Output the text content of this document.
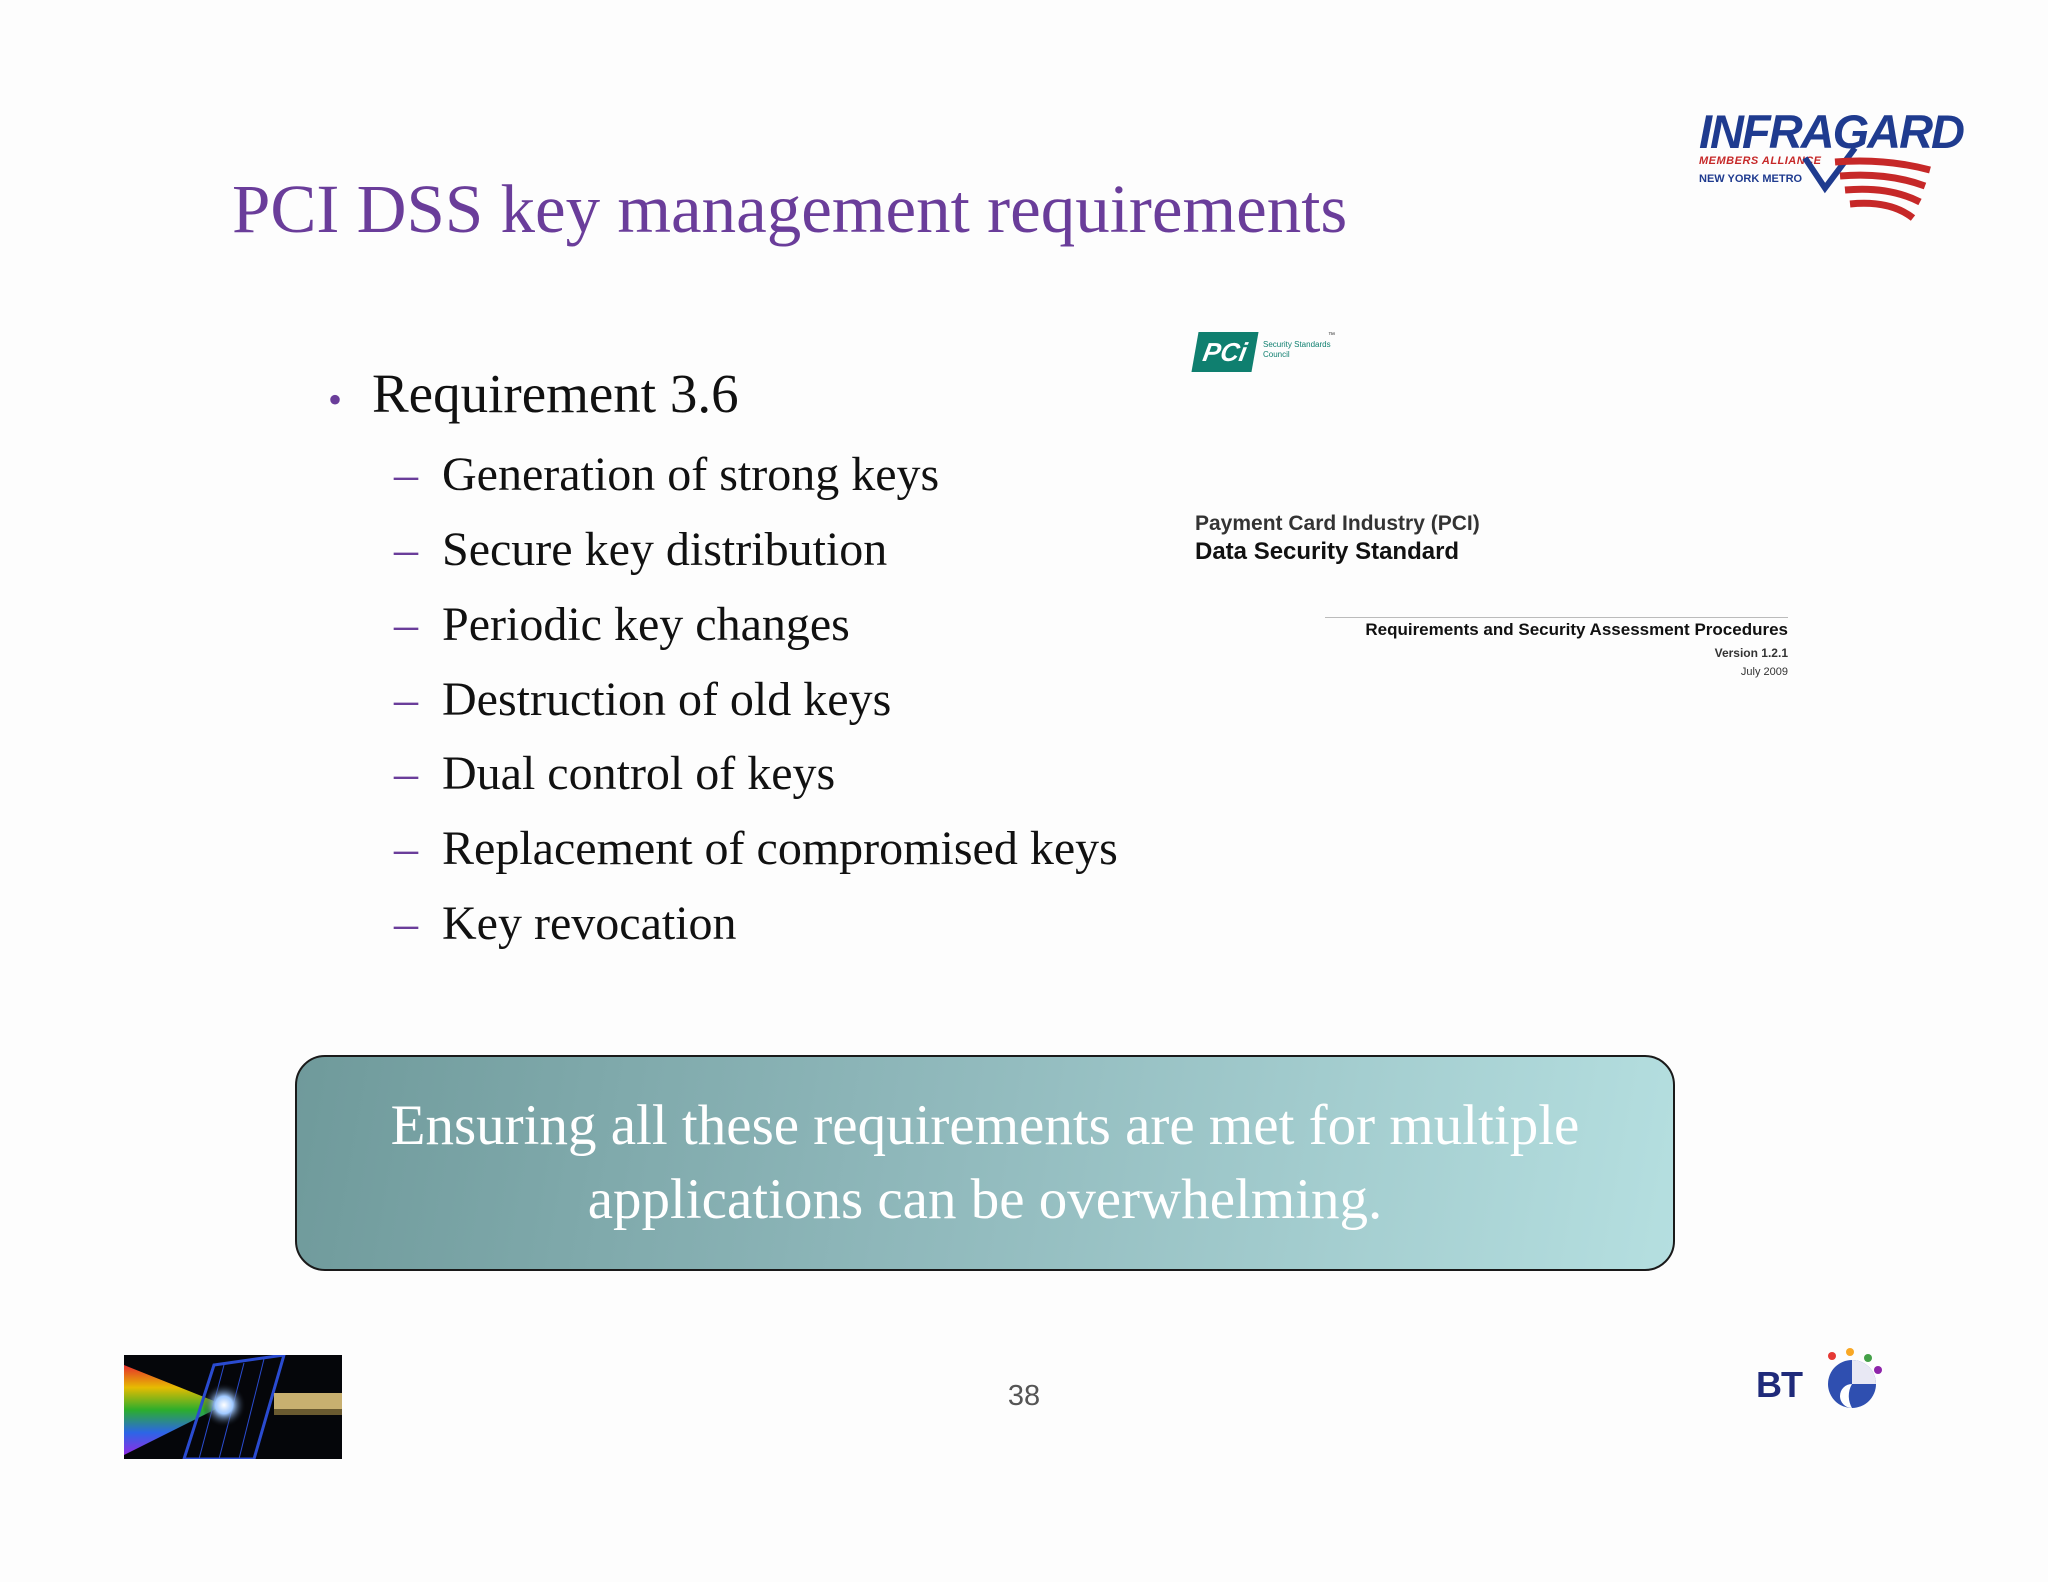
PCI DSS key management requirements
INFRAGARD
MEMBERS ALLIANCE
NEW YORK METRO
• Requirement 3.6
– Generation of strong keys
– Secure key distribution
– Periodic key changes
– Destruction of old keys
– Dual control of keys
– Replacement of compromised keys
– Key revocation
PCi	Security Standards Council
™
Payment Card Industry (PCI)
Data Security Standard
Requirements and Security Assessment Procedures
Version 1.2.1
July 2009
Ensuring all these requirements are met for multiple applications can be overwhelming.
38	BT
